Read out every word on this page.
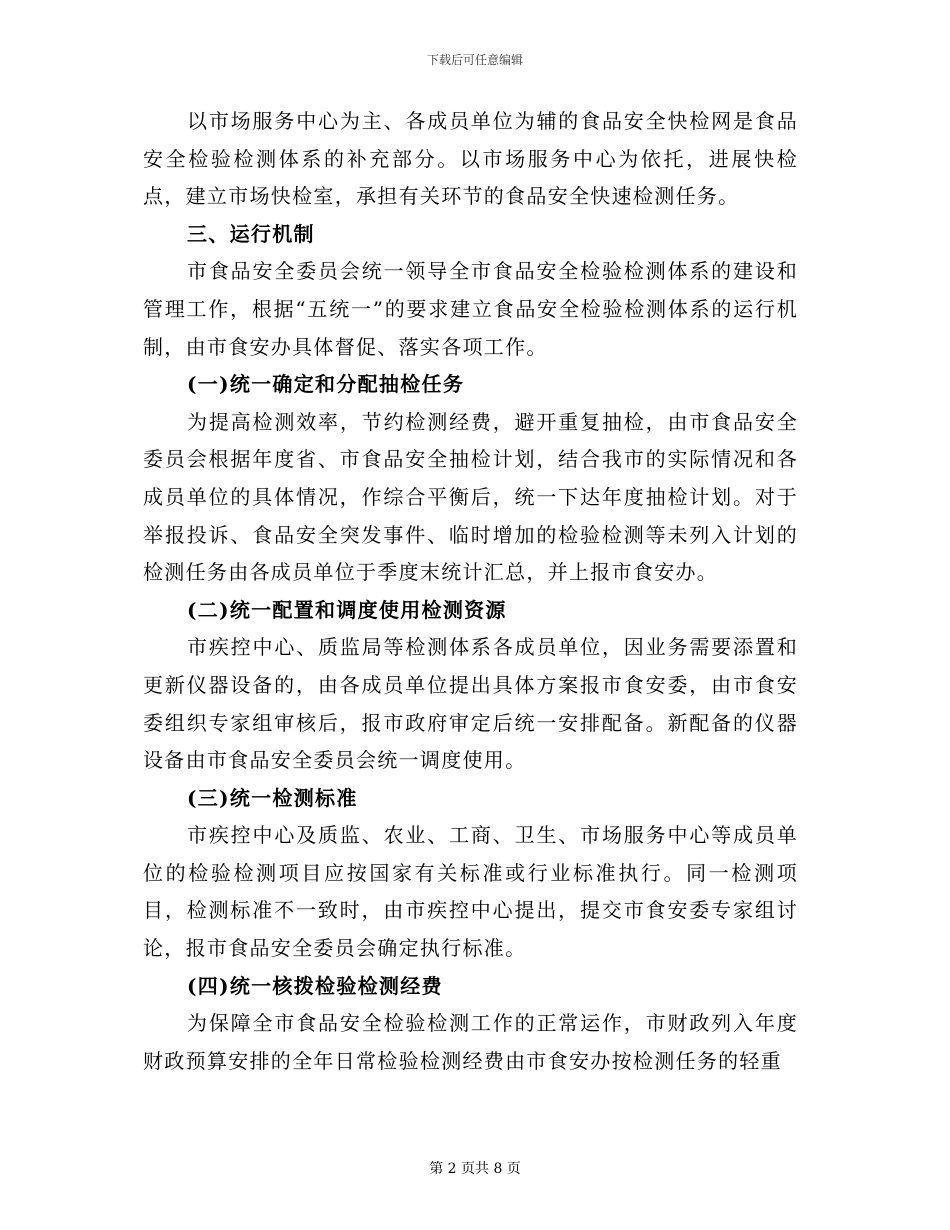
下载后可任意编辑

以市场服务中心为主、各成员单位为辅的食品安全快检网是食品安全检验检测体系的补充部分。以市场服务中心为依托，进展快检点，建立市场快检室，承担有关环节的食品安全快速检测任务。

三、运行机制

市食品安全委员会统一领导全市食品安全检验检测体系的建设和管理工作，根据“五统一”的要求建立食品安全检验检测体系的运行机制，由市食安办具体督促、落实各项工作。

(一)统一确定和分配抽检任务

为提高检测效率，节约检测经费，避开重复抽检，由市食品安全委员会根据年度省、市食品安全抽检计划，结合我市的实际情况和各成员单位的具体情况，作综合平衡后，统一下达年度抽检计划。对于举报投诉、食品安全突发事件、临时增加的检验检测等未列入计划的检测任务由各成员单位于季度末统计汇总，并上报市食安办。

(二)统一配置和调度使用检测资源

市疾控中心、质监局等检测体系各成员单位，因业务需要添置和更新仪器设备的，由各成员单位提出具体方案报市食安委，由市食安委组织专家组审核后，报市政府审定后统一安排配备。新配备的仪器设备由市食品安全委员会统一调度使用。

(三)统一检测标准

市疾控中心及质监、农业、工商、卫生、市场服务中心等成员单位的检验检测项目应按国家有关标准或行业标准执行。同一检测项目，检测标准不一致时，由市疾控中心提出，提交市食安委专家组讨论，报市食品安全委员会确定执行标准。

(四)统一核拨检验检测经费

为保障全市食品安全检验检测工作的正常运作，市财政列入年度财政预算安排的全年日常检验检测经费由市食安办按检测任务的轻重

第 2 页共 8 页
